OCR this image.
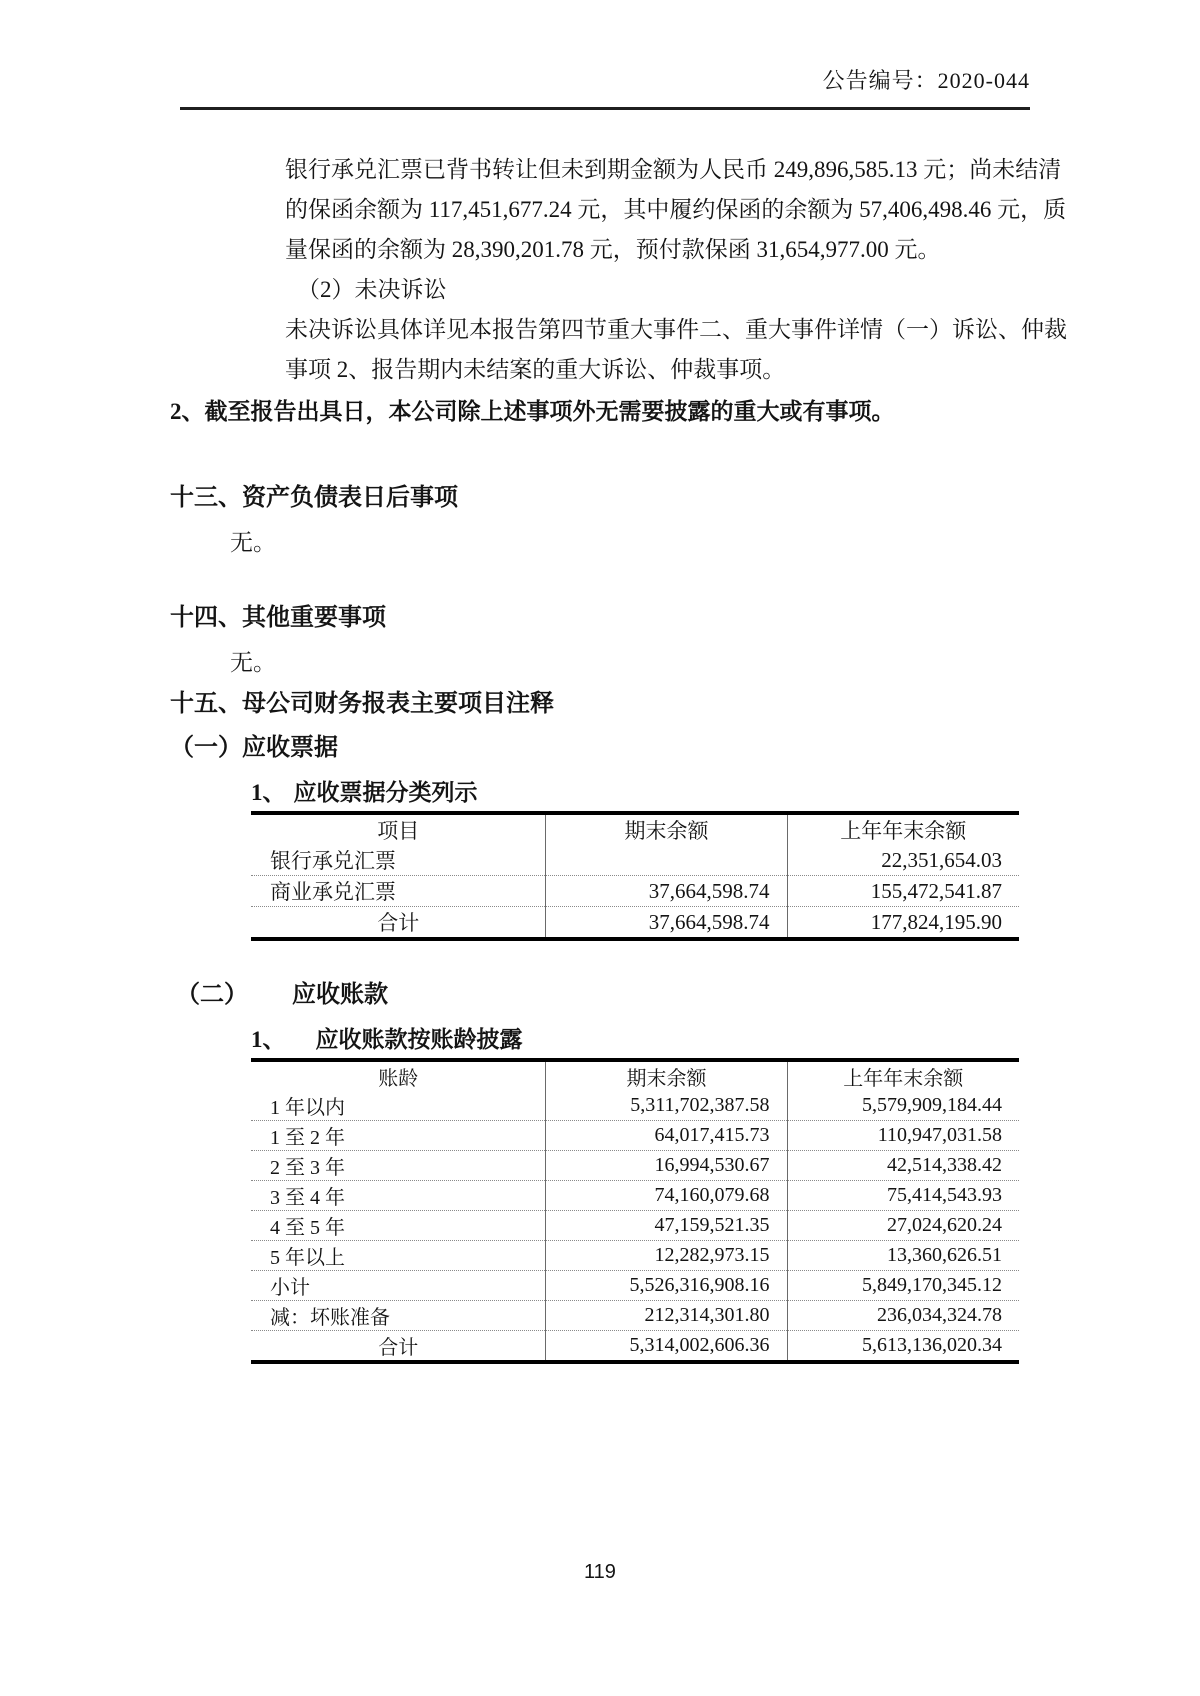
公告编号：2020-044
银行承兑汇票已背书转让但未到期金额为人民币 249,896,585.13 元；尚未结清
的保函余额为 117,451,677.24 元，其中履约保函的余额为 57,406,498.46 元，质
量保函的余额为 28,390,201.78 元，预付款保函 31,654,977.00 元。
（2）未决诉讼
未决诉讼具体详见本报告第四节重大事件二、重大事件详情（一）诉讼、仲裁
事项 2、报告期内未结案的重大诉讼、仲裁事项。
2、截至报告出具日，本公司除上述事项外无需要披露的重大或有事项。
十三、资产负债表日后事项
无。
十四、其他重要事项
无。
十五、母公司财务报表主要项目注释
（一）应收票据
1、 应收票据分类列示
项目	期末余额	上年年末余额
银行承兑汇票		22,351,654.03
商业承兑汇票	37,664,598.74	155,472,541.87
合计	37,664,598.74	177,824,195.90
（二） 应收账款
1、 应收账款按账龄披露
账龄	期末余额	上年年末余额
1 年以内	5,311,702,387.58	5,579,909,184.44
1 至 2 年	64,017,415.73	110,947,031.58
2 至 3 年	16,994,530.67	42,514,338.42
3 至 4 年	74,160,079.68	75,414,543.93
4 至 5 年	47,159,521.35	27,024,620.24
5 年以上	12,282,973.15	13,360,626.51
小计	5,526,316,908.16	5,849,170,345.12
减：坏账准备	212,314,301.80	236,034,324.78
合计	5,314,002,606.36	5,613,136,020.34
119
